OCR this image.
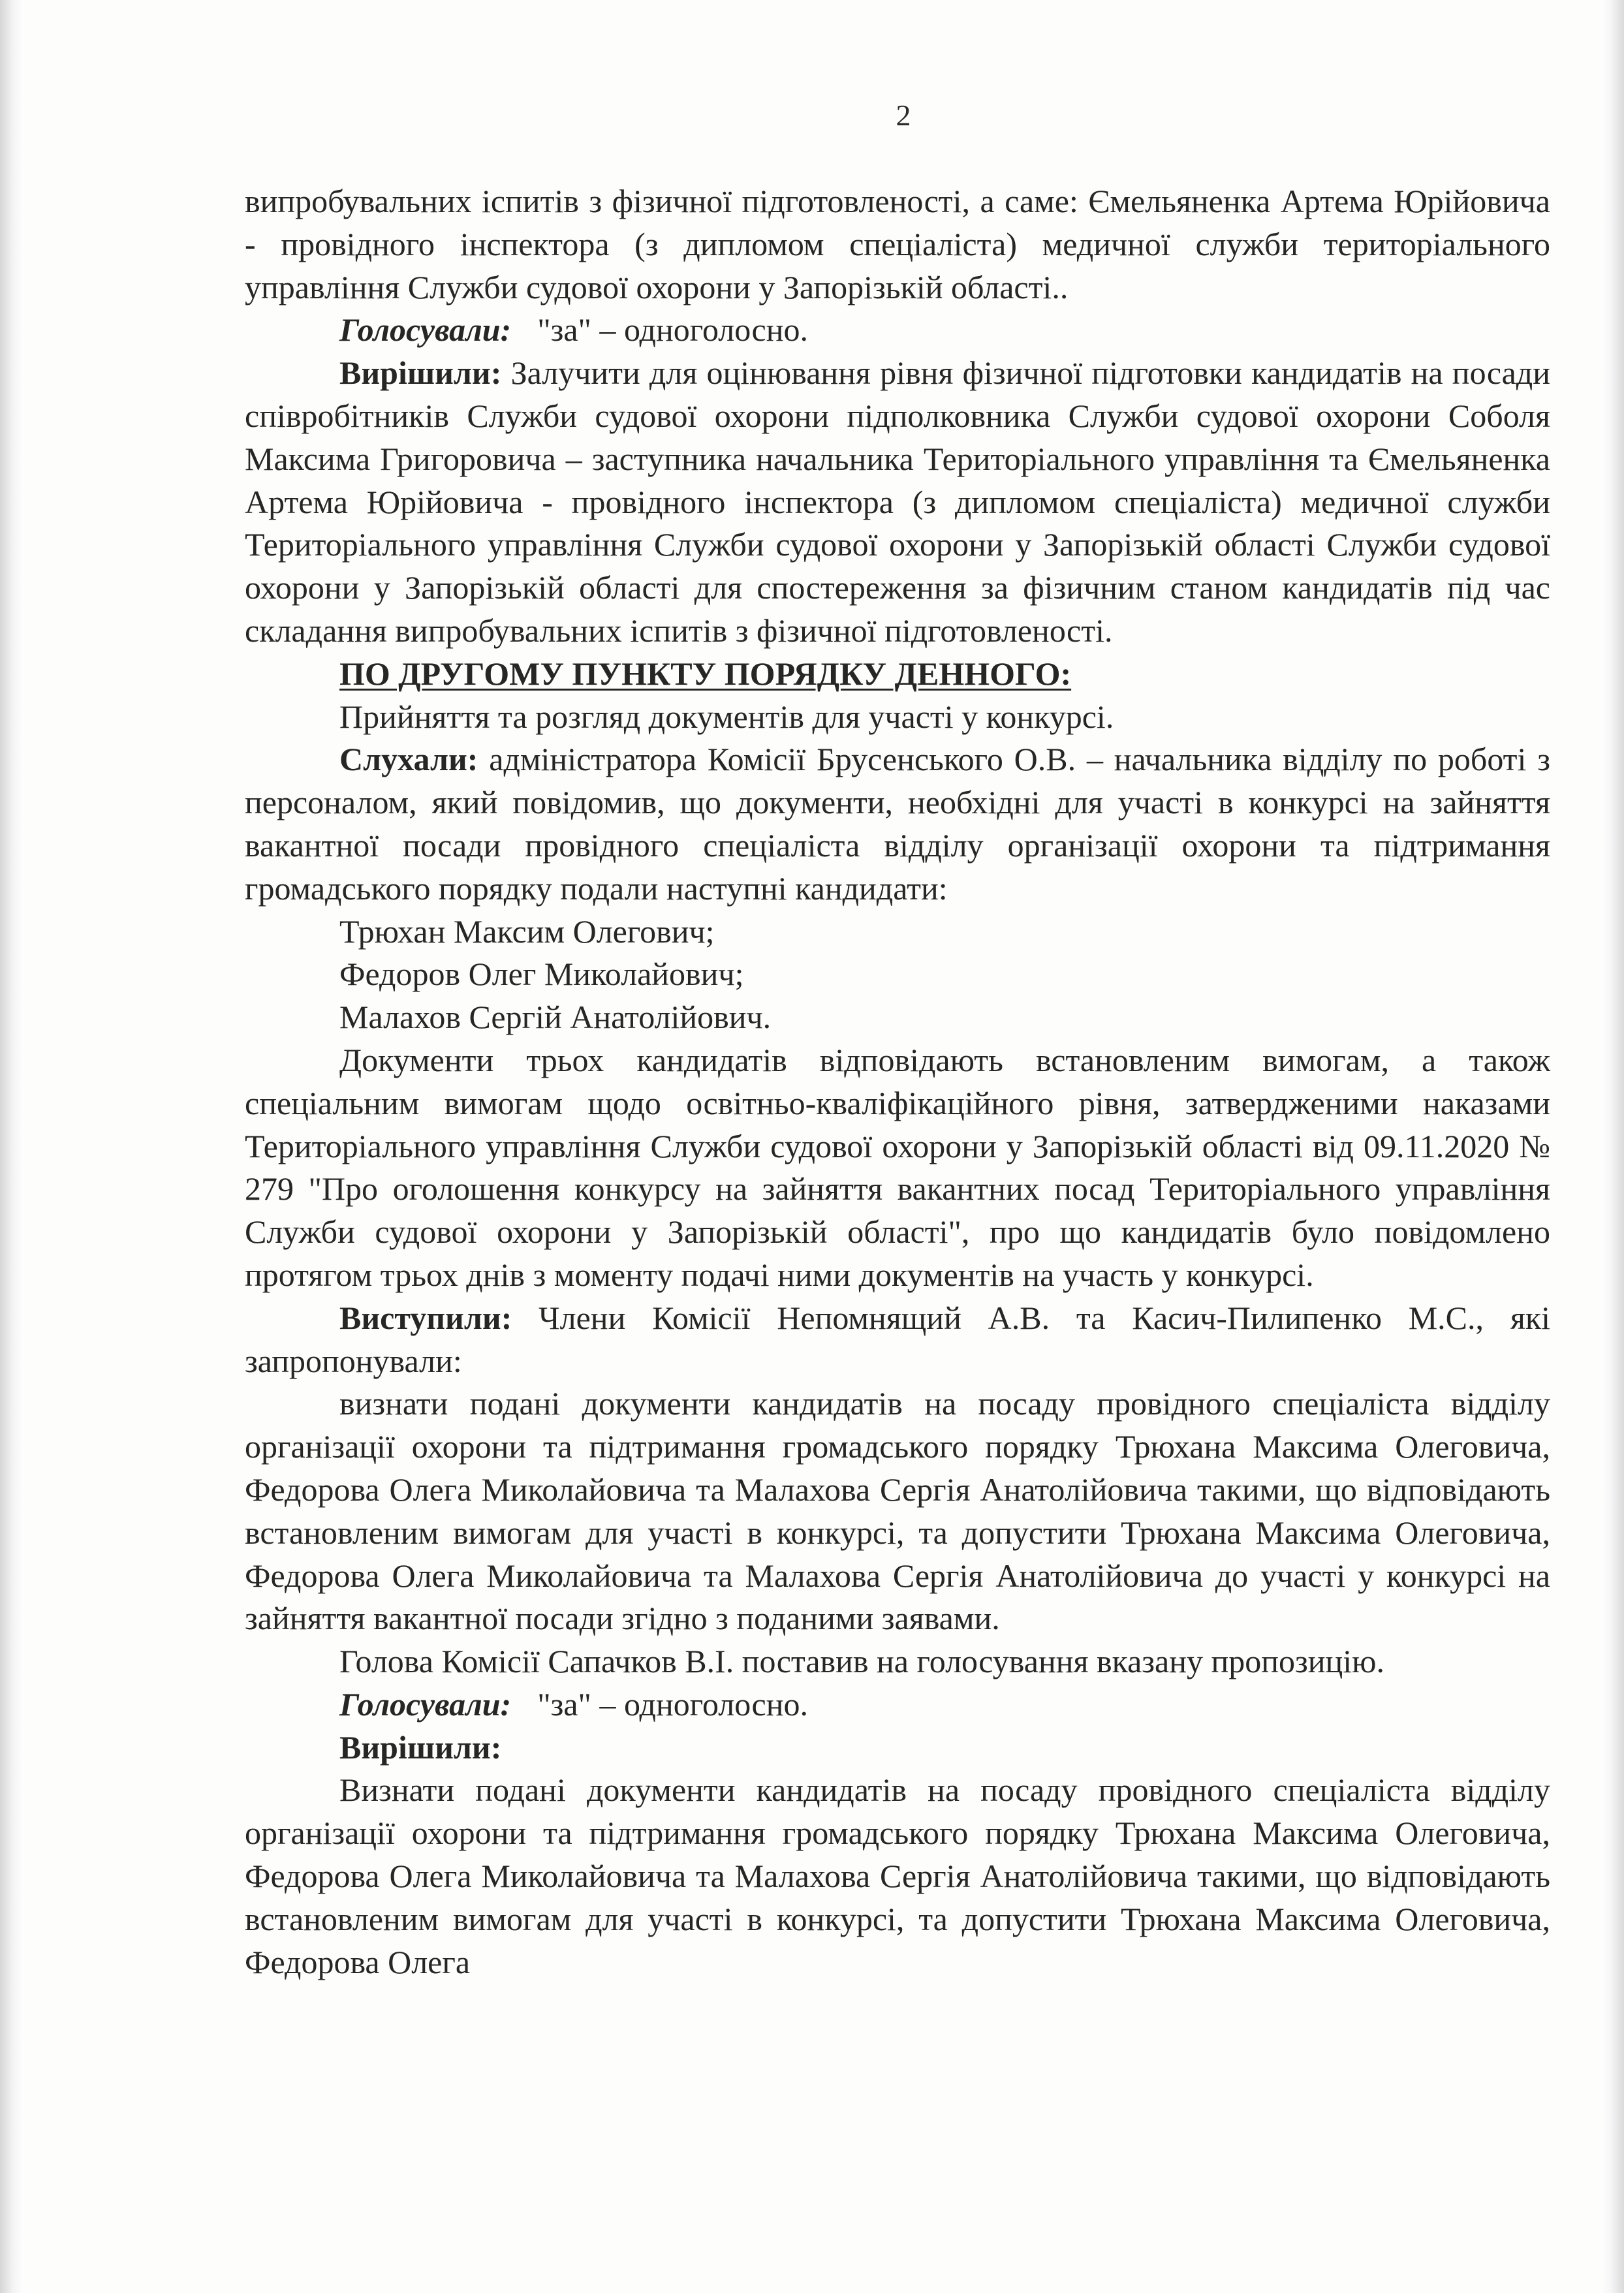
2

випробувальних іспитів з фізичної підготовленості, а саме: Ємельяненка Артема Юрійовича - провідного інспектора (з дипломом спеціаліста) медичної служби територіального управління Служби судової охорони у Запорізькій області..

Голосували: "за" – одноголосно.

Вирішили: Залучити для оцінювання рівня фізичної підготовки кандидатів на посади співробітників Служби судової охорони підполковника Служби судової охорони Соболя Максима Григоровича – заступника начальника Територіального управління та Ємельяненка Артема Юрійовича - провідного інспектора (з дипломом спеціаліста) медичної служби Територіального управління Служби судової охорони у Запорізькій області Служби судової охорони у Запорізькій області для спостереження за фізичним станом кандидатів під час складання випробувальних іспитів з фізичної підготовленості.

ПО ДРУГОМУ ПУНКТУ ПОРЯДКУ ДЕННОГО:

Прийняття та розгляд документів для участі у конкурсі.

Слухали: адміністратора Комісії Брусенського О.В. – начальника відділу по роботі з персоналом, який повідомив, що документи, необхідні для участі в конкурсі на зайняття вакантної посади провідного спеціаліста відділу організації охорони та підтримання громадського порядку подали наступні кандидати:

Трюхан Максим Олегович;

Федоров Олег Миколайович;

Малахов Сергій Анатолійович.

Документи трьох кандидатів відповідають встановленим вимогам, а також спеціальним вимогам щодо освітньо-кваліфікаційного рівня, затвердженими наказами Територіального управління Служби судової охорони у Запорізькій області від 09.11.2020 № 279 "Про оголошення конкурсу на зайняття вакантних посад Територіального управління Служби судової охорони у Запорізькій області", про що кандидатів було повідомлено протягом трьох днів з моменту подачі ними документів на участь у конкурсі.

Виступили: Члени Комісії Непомнящий А.В. та Касич-Пилипенко М.С., які запропонували:

визнати подані документи кандидатів на посаду провідного спеціаліста відділу організації охорони та підтримання громадського порядку Трюхана Максима Олеговича, Федорова Олега Миколайовича та Малахова Сергія Анатолійовича такими, що відповідають встановленим вимогам для участі в конкурсі, та допустити Трюхана Максима Олеговича, Федорова Олега Миколайовича та Малахова Сергія Анатолійовича до участі у конкурсі на зайняття вакантної посади згідно з поданими заявами.

Голова Комісії Сапачков В.І. поставив на голосування вказану пропозицію.

Голосували: "за" – одноголосно.

Вирішили:

Визнати подані документи кандидатів на посаду провідного спеціаліста відділу організації охорони та підтримання громадського порядку Трюхана Максима Олеговича, Федорова Олега Миколайовича та Малахова Сергія Анатолійовича такими, що відповідають встановленим вимогам для участі в конкурсі, та допустити Трюхана Максима Олеговича, Федорова Олега
